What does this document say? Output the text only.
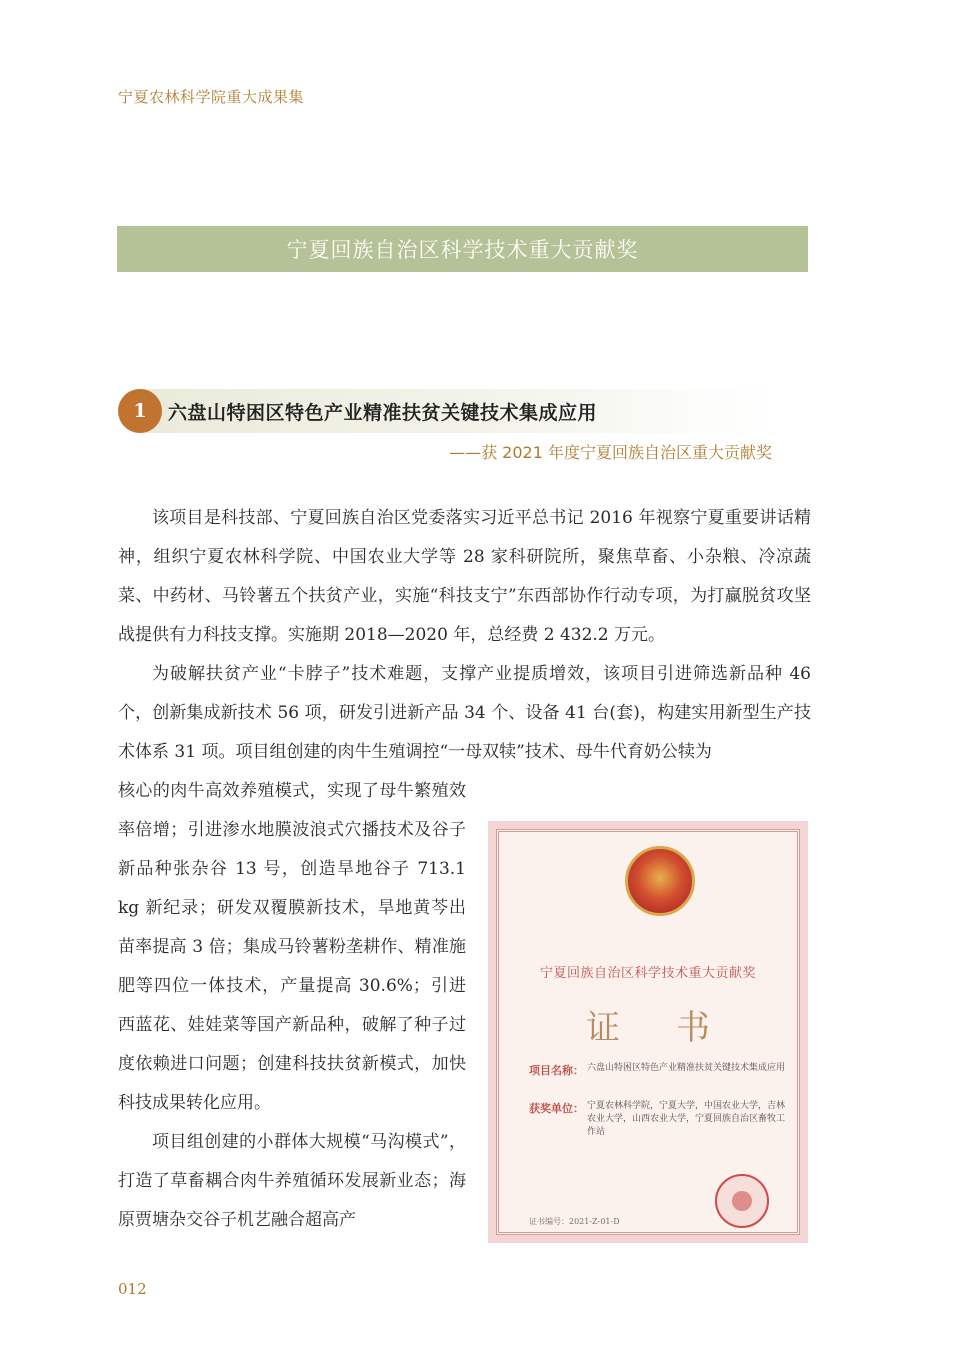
宁夏农林科学院重大成果集
宁夏回族自治区科学技术重大贡献奖
1	六盘山特困区特色产业精准扶贫关键技术集成应用
——获 2021 年度宁夏回族自治区重大贡献奖

该项目是科技部、宁夏回族自治区党委落实习近平总书记 2016 年视察宁夏重要讲话精神，组织宁夏农林科学院、中国农业大学等 28 家科研院所，聚焦草畜、小杂粮、冷凉蔬菜、中药材、马铃薯五个扶贫产业，实施“科技支宁”东西部协作行动专项，为打赢脱贫攻坚战提供有力科技支撑。实施期 2018—2020 年，总经费 2 432.2 万元。

为破解扶贫产业“卡脖子”技术难题，支撑产业提质增效，该项目引进筛选新品种 46 个，创新集成新技术 56 项，研发引进新产品 34 个、设备 41 台(套)，构建实用新型生产技术体系 31 项。项目组创建的肉牛生殖调控“一母双犊”技术、母牛代育奶公犊为

核心的肉牛高效养殖模式，实现了母牛繁殖效率倍增；引进渗水地膜波浪式穴播技术及谷子新品种张杂谷 13 号，创造旱地谷子 713.1 kg 新纪录；研发双覆膜新技术，旱地黄芩出苗率提高 3 倍；集成马铃薯粉垄耕作、精准施肥等四位一体技术，产量提高 30.6%；引进西蓝花、娃娃菜等国产新品种，破解了种子过度依赖进口问题；创建科技扶贫新模式，加快科技成果转化应用。

项目组创建的小群体大规模“马沟模式”，打造了草畜耦合肉牛养殖循环发展新业态；海原贾塘杂交谷子机艺融合超高产

宁夏回族自治区科学技术重大贡献奖
证书
项目名称： 六盘山特困区特色产业精准扶贫关键技术集成应用
获奖单位： 宁夏农林科学院，宁夏大学，中国农业大学，吉林农业大学，山西农业大学，宁夏回族自治区畜牧工作站
证书编号：2021-Z-01-D
012
